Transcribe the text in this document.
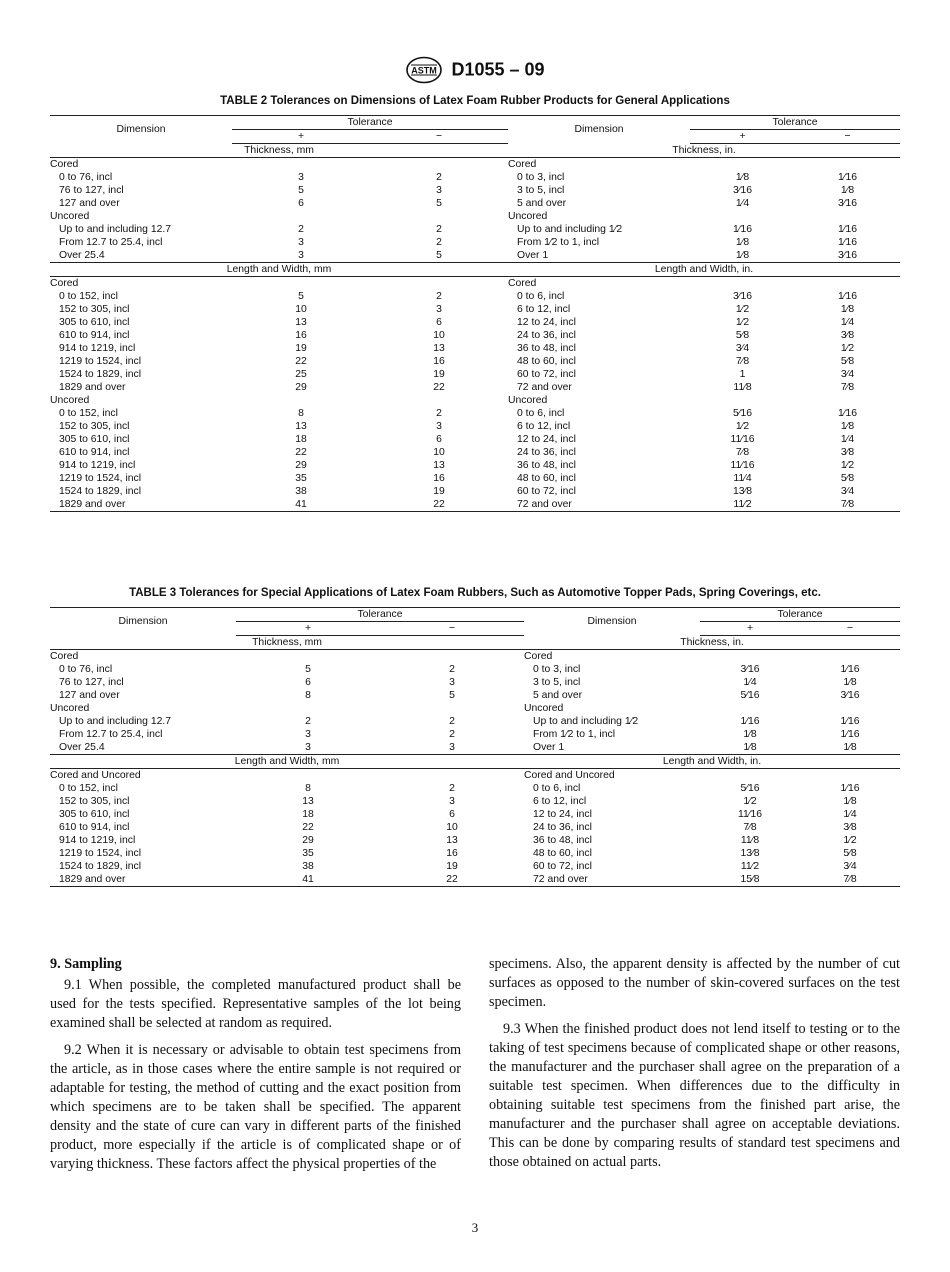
ASTM D1055 – 09
TABLE 2 Tolerances on Dimensions of Latex Foam Rubber Products for General Applications
Dimension	Tolerance		Dimension	Tolerance	
	+	−		+	−
Thickness, mm			Thickness, in.		
Cored			Cored		
0 to 76, incl	3	2	0 to 3, incl	1⁄8	1⁄16
76 to 127, incl	5	3	3 to 5, incl	3⁄16	1⁄8
127 and over	6	5	5 and over	1⁄4	3⁄16
Uncored			Uncored		
Up to and including 12.7	2	2	Up to and including 1⁄2	1⁄16	1⁄16
From 12.7 to 25.4, incl	3	2	From 1⁄2 to 1, incl	1⁄8	1⁄16
Over 25.4	3	5	Over 1	1⁄8	3⁄16
Length and Width, mm			Length and Width, in.		
Cored			Cored		
0 to 152, incl	5	2	0 to 6, incl	3⁄16	1⁄16
152 to 305, incl	10	3	6 to 12, incl	1⁄2	1⁄8
305 to 610, incl	13	6	12 to 24, incl	1⁄2	1⁄4
610 to 914, incl	16	10	24 to 36, incl	5⁄8	3⁄8
914 to 1219, incl	19	13	36 to 48, incl	3⁄4	1⁄2
1219 to 1524, incl	22	16	48 to 60, incl	7⁄8	5⁄8
1524 to 1829, incl	25	19	60 to 72, incl	1	3⁄4
1829 and over	29	22	72 and over	11⁄8	7⁄8
Uncored			Uncored		
0 to 152, incl	8	2	0 to 6, incl	5⁄16	1⁄16
152 to 305, incl	13	3	6 to 12, incl	1⁄2	1⁄8
305 to 610, incl	18	6	12 to 24, incl	11⁄16	1⁄4
610 to 914, incl	22	10	24 to 36, incl	7⁄8	3⁄8
914 to 1219, incl	29	13	36 to 48, incl	11⁄16	1⁄2
1219 to 1524, incl	35	16	48 to 60, incl	11⁄4	5⁄8
1524 to 1829, incl	38	19	60 to 72, incl	13⁄8	3⁄4
1829 and over	41	22	72 and over	11⁄2	7⁄8
TABLE 3 Tolerances for Special Applications of Latex Foam Rubbers, Such as Automotive Topper Pads, Spring Coverings, etc.
Dimension	Tolerance		Dimension	Tolerance	
	+	−		+	−
Thickness, mm			Thickness, in.		
Cored			Cored		
0 to 76, incl	5	2	0 to 3, incl	3⁄16	1⁄16
76 to 127, incl	6	3	3 to 5, incl	1⁄4	1⁄8
127 and over	8	5	5 and over	5⁄16	3⁄16
Uncored			Uncored		
Up to and including 12.7	2	2	Up to and including 1⁄2	1⁄16	1⁄16
From 12.7 to 25.4, incl	3	2	From 1⁄2 to 1, incl	1⁄8	1⁄16
Over 25.4	3	3	Over 1	1⁄8	1⁄8
Length and Width, mm			Length and Width, in.		
Cored and Uncored			Cored and Uncored		
0 to 152, incl	8	2	0 to 6, incl	5⁄16	1⁄16
152 to 305, incl	13	3	6 to 12, incl	1⁄2	1⁄8
305 to 610, incl	18	6	12 to 24, incl	11⁄16	1⁄4
610 to 914, incl	22	10	24 to 36, incl	7⁄8	3⁄8
914 to 1219, incl	29	13	36 to 48, incl	11⁄8	1⁄2
1219 to 1524, incl	35	16	48 to 60, incl	13⁄8	5⁄8
1524 to 1829, incl	38	19	60 to 72, incl	11⁄2	3⁄4
1829 and over	41	22	72 and over	15⁄8	7⁄8
9. Sampling

9.1 When possible, the completed manufactured product shall be used for the tests specified. Representative samples of the lot being examined shall be selected at random as required.

9.2 When it is necessary or advisable to obtain test specimens from the article, as in those cases where the entire sample is not required or adaptable for testing, the method of cutting and the exact position from which specimens are to be taken shall be specified. The apparent density and the state of cure can vary in different parts of the finished product, more especially if the article is of complicated shape or of varying thickness. These factors affect the physical properties of the

specimens. Also, the apparent density is affected by the number of cut surfaces as opposed to the number of skin-covered surfaces on the test specimen.

9.3 When the finished product does not lend itself to testing or to the taking of test specimens because of complicated shape or other reasons, the manufacturer and the purchaser shall agree on the preparation of a suitable test specimen. When differences due to the difficulty in obtaining suitable test specimens from the finished part arise, the manufacturer and the purchaser shall agree on acceptable deviations. This can be done by comparing results of standard test specimens and those obtained on actual parts.

3
